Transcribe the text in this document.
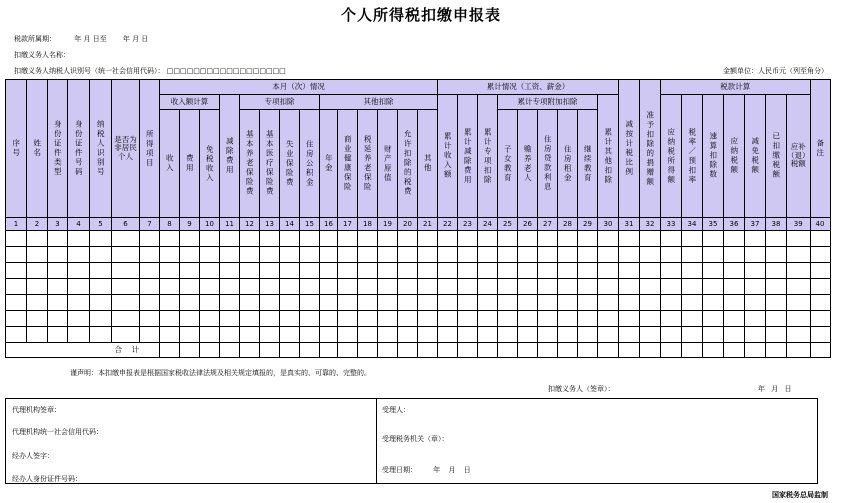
个人所得税扣缴申报表
税款所属期：	年 月 日至 年 月 日
扣缴义务人名称：
扣缴义务人纳税人识别号（统一社会信用代码）： □□□□□□□□□□□□□□□□□□	金额单位：人民币元（列至角分）
序号	姓名	身份证件类型	身份证件号码	纳税人识别号	是否为非居民个人	所得项目	本月（次）情况														累计情况（工资、薪金）									减按计税比例	准予扣除的捐赠额	税款计算							备注
							收入额计算			减除费用	专项扣除				其他扣除						累计收入额	累计减除费用	累计专项扣除	累计专项附加扣除					累计其他扣除			应纳税所得额	税率／预扣率	速算扣除数	应纳税额	减免税额	已扣缴税额	应补（退）税额	
							收入	费用	免税收入		基本养老保险费	基本医疗保险费	失业保险费	住房公积金	年金	商业健康保险	税延养老保险	财产原值	允许扣除的税费	其他				子女教育	赡养老人	住房贷款利息	住房租金	继续教育											

1	2	3	4	5	6	7	8	9	10	11	12	13	14	15	16	17	18	19	20	21	22	23	24	25	26	27	28	29	30	31	32	33	34	35	36	37	38	39	40

合    计																																							
谨声明：本扣缴申报表是根据国家税收法律法规及相关规定填报的，是真实的、可靠的、完整的。
扣缴义务人（签章）：	年 月 日
代理机构签章：
代理机构统一社会信用代码：
经办人签字：
经办人身份证件号码：
受理人：
受理税务机关（章）：
受理日期： 年 月 日
国家税务总局监制
